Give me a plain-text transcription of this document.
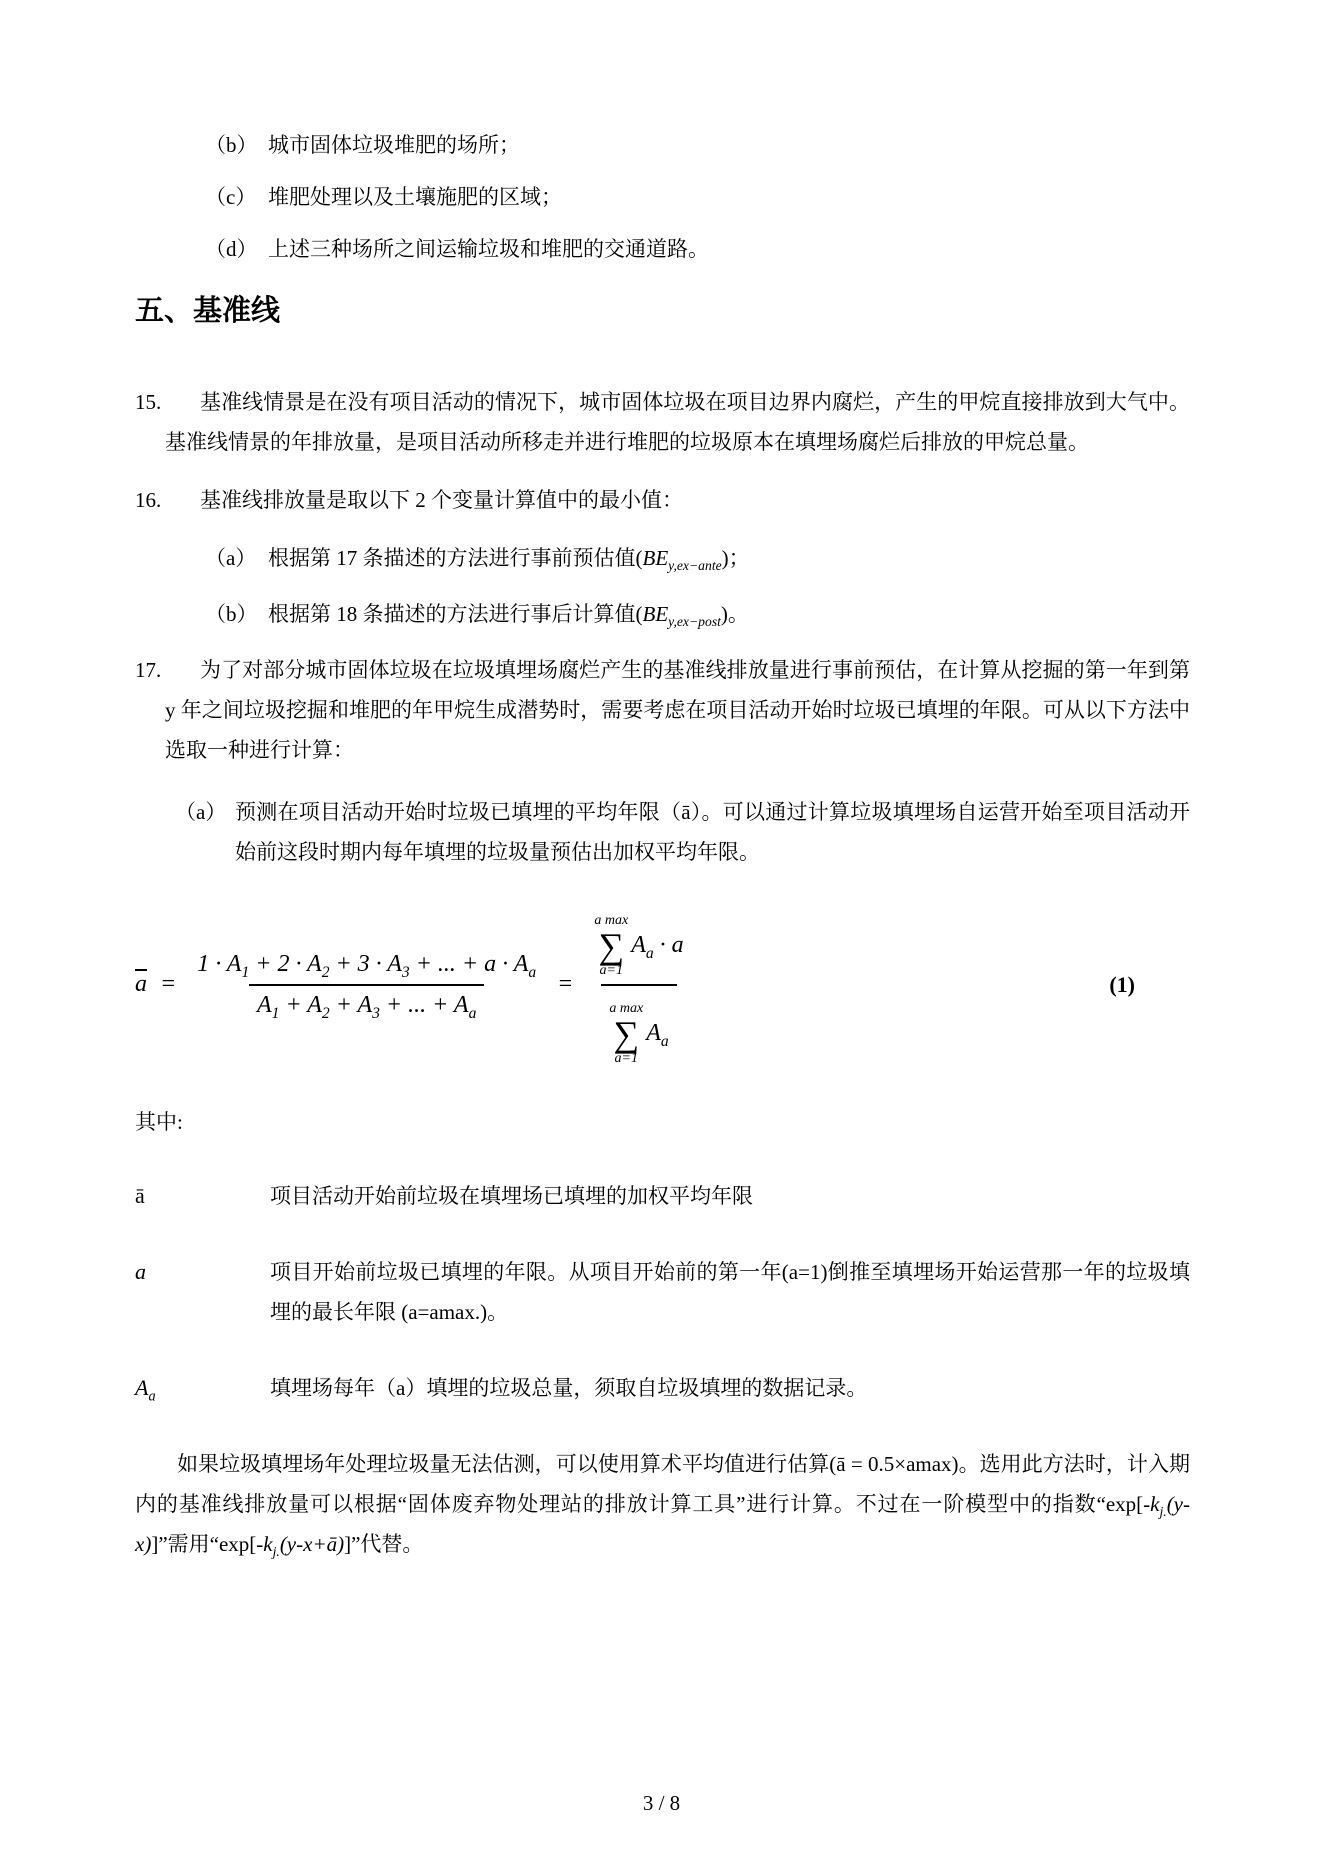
（b） 城市固体垃圾堆肥的场所；

（c） 堆肥处理以及土壤施肥的区域；

（d） 上述三种场所之间运输垃圾和堆肥的交通道路。

五、基准线

15. 基准线情景是在没有项目活动的情况下，城市固体垃圾在项目边界内腐烂，产生的甲烷直接排放到大气中。基准线情景的年排放量，是项目活动所移走并进行堆肥的垃圾原本在填埋场腐烂后排放的甲烷总量。

16. 基准线排放量是取以下 2 个变量计算值中的最小值：

（a） 根据第 17 条描述的方法进行事前预估值$(BE_{y,ex-ante})$；

（b） 根据第 18 条描述的方法进行事后计算值$(BE_{y,ex-post})$。

17. 为了对部分城市固体垃圾在垃圾填埋场腐烂产生的基准线排放量进行事前预估，在计算从挖掘的第一年到第 y 年之间垃圾挖掘和堆肥的年甲烷生成潜势时，需要考虑在项目活动开始时垃圾已填埋的年限。可从以下方法中选取一种进行计算：

（a） 预测在项目活动开始时垃圾已填埋的平均年限（ā）。可以通过计算垃圾填埋场自运营开始至项目活动开始前这段时期内每年填埋的垃圾量预估出加权平均年限。

$\overline{a} = \frac{1 \cdot A_1 + 2 \cdot A_2 + 3 \cdot A_3 + ... + a \cdot A_a}{A_1 + A_2 + A_3 + ... + A_a}$ =
a max
∑
a=1
$A_a \cdot a$
a max
∑
a=1
$A_a$
(1)

其中:

ā	项目活动开始前垃圾在填埋场已填埋的加权平均年限
a	项目开始前垃圾已填埋的年限。从项目开始前的第一年(a=1)倒推至填埋场开始运营那一年的垃圾填埋的最长年限 (a=amax.)。
$A_a$	填埋场每年（a）填埋的垃圾总量，须取自垃圾填埋的数据记录。

如果垃圾填埋场年处理垃圾量无法估测，可以使用算术平均值进行估算(ā = 0.5×amax)。选用此方法时，计入期内的基准线排放量可以根据“固体废弃物处理站的排放计算工具”进行计算。不过在一阶模型中的指数“$\exp[-k_{j.}(y-x)]$”需用“$\exp[-k_{j.}(y-x+ā)]$”代替。

3 / 8
